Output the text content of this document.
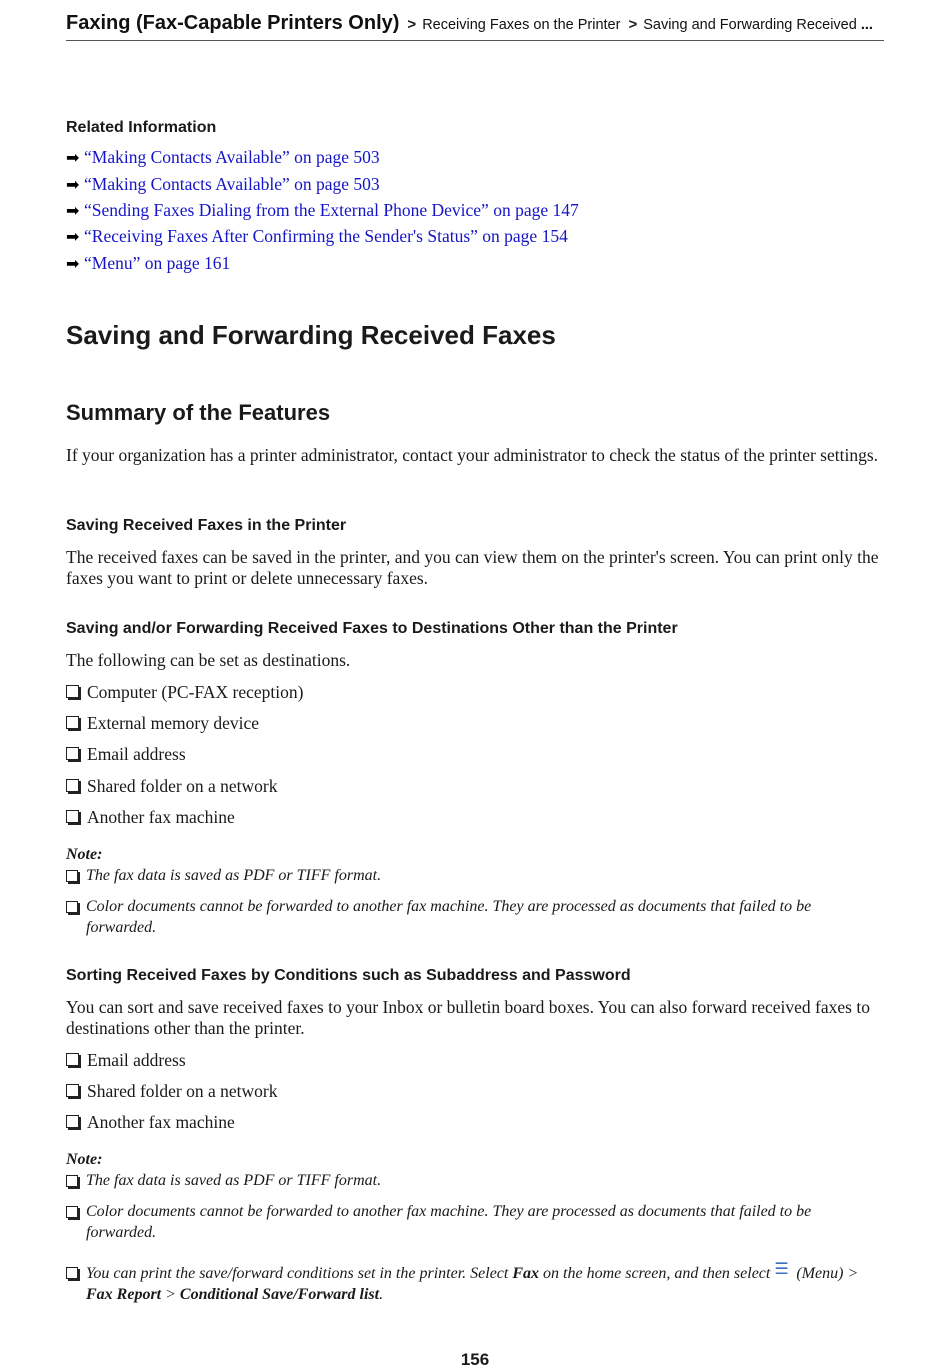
Faxing (Fax-Capable Printers Only) > Receiving Faxes on the Printer > Saving and Forwarding Received ...
Related Information
➡ “Making Contacts Available” on page 503
➡ “Making Contacts Available” on page 503
➡ “Sending Faxes Dialing from the External Phone Device” on page 147
➡ “Receiving Faxes After Confirming the Sender's Status” on page 154
➡ “Menu” on page 161
Saving and Forwarding Received Faxes
Summary of the Features
If your organization has a printer administrator, contact your administrator to check the status of the printer settings.
Saving Received Faxes in the Printer
The received faxes can be saved in the printer, and you can view them on the printer's screen. You can print only the faxes you want to print or delete unnecessary faxes.
Saving and/or Forwarding Received Faxes to Destinations Other than the Printer
The following can be set as destinations.
Computer (PC-FAX reception)
External memory device
Email address
Shared folder on a network
Another fax machine
Note:
The fax data is saved as PDF or TIFF format.
Color documents cannot be forwarded to another fax machine. They are processed as documents that failed to be forwarded.
Sorting Received Faxes by Conditions such as Subaddress and Password
You can sort and save received faxes to your Inbox or bulletin board boxes. You can also forward received faxes to destinations other than the printer.
Email address
Shared folder on a network
Another fax machine
Note:
The fax data is saved as PDF or TIFF format.
Color documents cannot be forwarded to another fax machine. They are processed as documents that failed to be forwarded.
You can print the save/forward conditions set in the printer. Select Fax on the home screen, and then select ☰ (Menu) > Fax Report > Conditional Save/Forward list.
156
